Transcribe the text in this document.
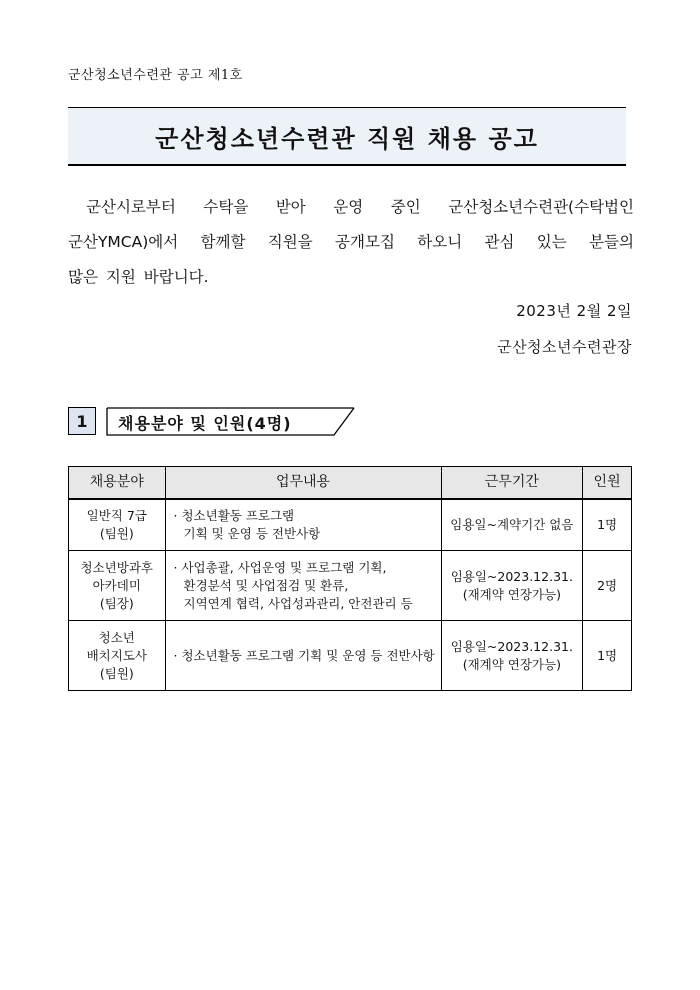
군산청소년수련관 공고 제1호
군산청소년수련관 직원 채용 공고
군산시로부터 수탁을 받아 운영 중인 군산청소년수련관(수탁법인
군산YMCA)에서 함께할 직원을 공개모집 하오니 관심 있는 분들의
많은 지원 바랍니다.
2023년 2월 2일
군산청소년수련관장
1	채용분야 및 인원(4명)
채용분야	업무내용	근무기간	인원

일반직 7급
(팀원)	· 청소년활동 프로그램
기획 및 운영 등 전반사항	임용일~계약기간 없음	1명

청소년방과후
아카데미
(팀장)	· 사업총괄, 사업운영 및 프로그램 기획,
환경분석 및 사업점검 및 환류,
지역연계 협력, 사업성과관리, 안전관리 등	임용일~2023.12.31.
(재계약 연장가능)	2명

청소년
배치지도사
(팀원)	· 청소년활동 프로그램 기획 및 운영 등 전반사항	임용일~2023.12.31.
(재계약 연장가능)	1명
